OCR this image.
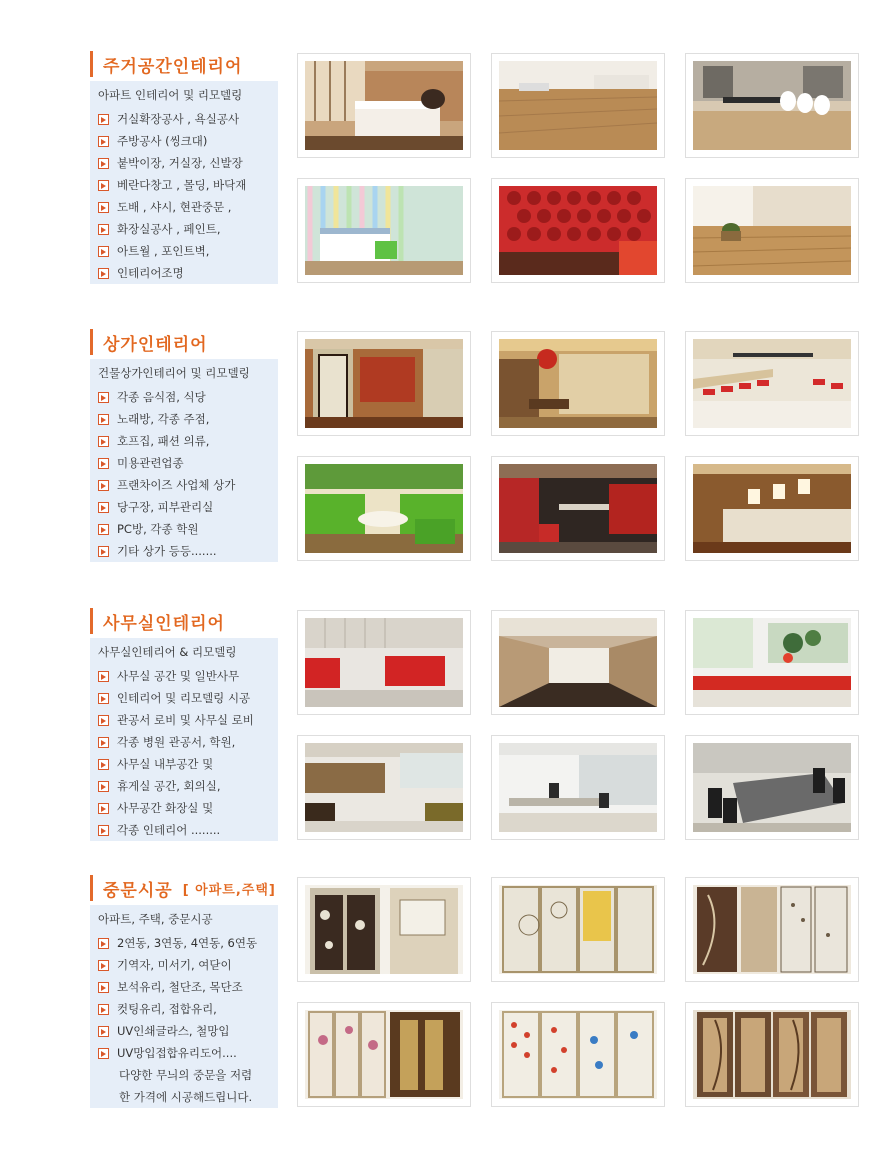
주거공간인테리어
아파트 인테리어 및 리모델링
거실확장공사 , 욕실공사
주방공사 (씽크대)
붙박이장, 거실장, 신발장
베란다창고 , 몰딩, 바닥재
도배 , 샤시, 현관중문 ,
화장실공사 , 페인트,
아트월 , 포인트벽,
인테리어조명
상가인테리어
건물상가인테리어 및 리모델링
각종 음식점, 식당
노래방, 각종 주점,
호프집, 패션 의류,
미용관련업종
프랜차이즈 사업체 상가
당구장, 피부관리실
PC방, 각종 학원
기타 상가 등등.......
사무실인테리어
사무실인테리어 & 리모델링
사무실 공간 및 일반사무
인테리어 및 리모델링 시공
관공서 로비 및 사무실 로비
각종 병원 관공서, 학원,
사무실 내부공간 및
휴게실 공간, 회의실,
사무공간 화장실 및
각종 인테리어 ........
중문시공 [ 아파트,주택]
아파트, 주택, 중문시공
2연동, 3연동, 4연동, 6연동
기역자, 미서기, 여닫이
보석유리, 철단조, 목단조
컷팅유리, 접합유리,
UV인쇄글라스, 철망입
UV망입접합유리도어....
다양한 무늬의 중문을 저렴
한 가격에 시공해드립니다.
